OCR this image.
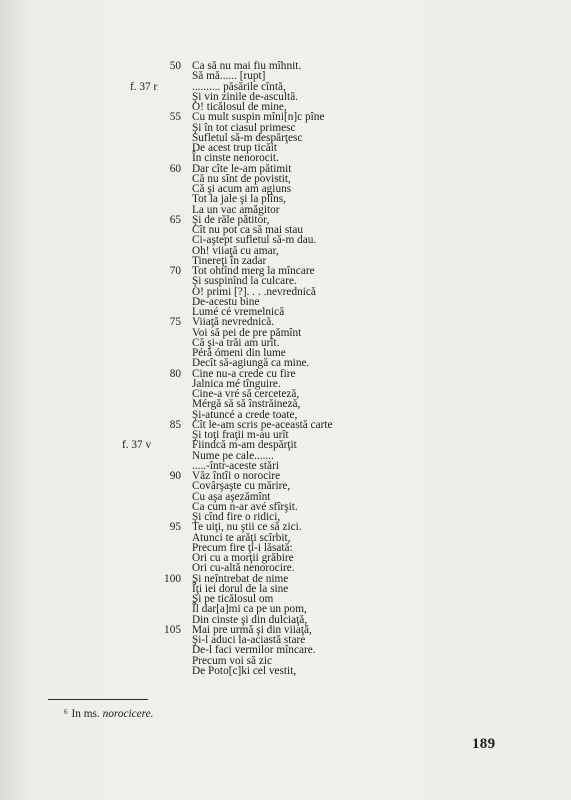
Ca să nu mai fiu mîhnit.
Să mă...... [rupt]
.......... păsările cîntă,
Şi vin zinile de-ascultă.
O! ticălosul de mine,
Cu mult suspin mîni[n]c pîne
Şi în tot ciasul primesc
Sufletul să-m despărţesc
De acest trup ticăit
În cinste nenorocit.
Dar cîte le-am pătimit
Că nu sînt de povistit,
Că şi acum am agiuns
Tot la jale şi la plîns,
La un vac amăgitor
Şi de răle pătitor,
Cît nu pot ca să mai stau
Ci-aştept sufletul să-m dau.
Oh! viiaţă cu amar,
Tinereţi în zadar
Tot ohtînd merg la mîncare
Şi suspinînd la culcare.
O! primi [?]. . . .nevrednică
De-acestu bine
Lumé cé vremelnică
Viiaţă nevrednică.
Voi să pei de pre pămînt
Că şi-a trăi am urît.
Péră ómeni din lume
Decît să-agiungă ca mine.
Cine nu-a crede cu fire
Jalnica mé tînguire.
Cine-a vré să cerceteză,
Mérgă să să înstrăineză,
Şi-atuncé a crede toate,
Cît le-am scris pe-această carte
Şi toţi fraţii m-au urît
Fiindcă m-am despărţit
Nume pe cale.......
.....-într-aceste stări
Văz întîi o norocire
Covârşaşte cu mărire,
Cu aşa aşezămînt
Ca cum n-ar avé sfîrşit.
Şi cînd fire o ridici,
Te uiţi, nu ştii ce să zici.
Atunci te arăţi scîrbit,
Precum fire ţi-i lăsată:
Ori cu a morţii grăbire
Ori cu-altă nenorocire.
Şi neîntrebat de nime
Îţi iei dorul de la sine
Şi pe ticălosul om
Îl dar[a]mi ca pe un pom,
Din cinste şi din dulciaţă,
Mai pre urmă şi din viiaţă,
Şi-l aduci la-aciastă stare
De-l faci vermilor mîncare.
Precum voi să zic
De Poto[c]ki cel vestit,
50
55
60
65
70
75
80
85
90
95
100
105
f. 37 r
f. 37 v
$^6$ In ms. norocicere.
189
